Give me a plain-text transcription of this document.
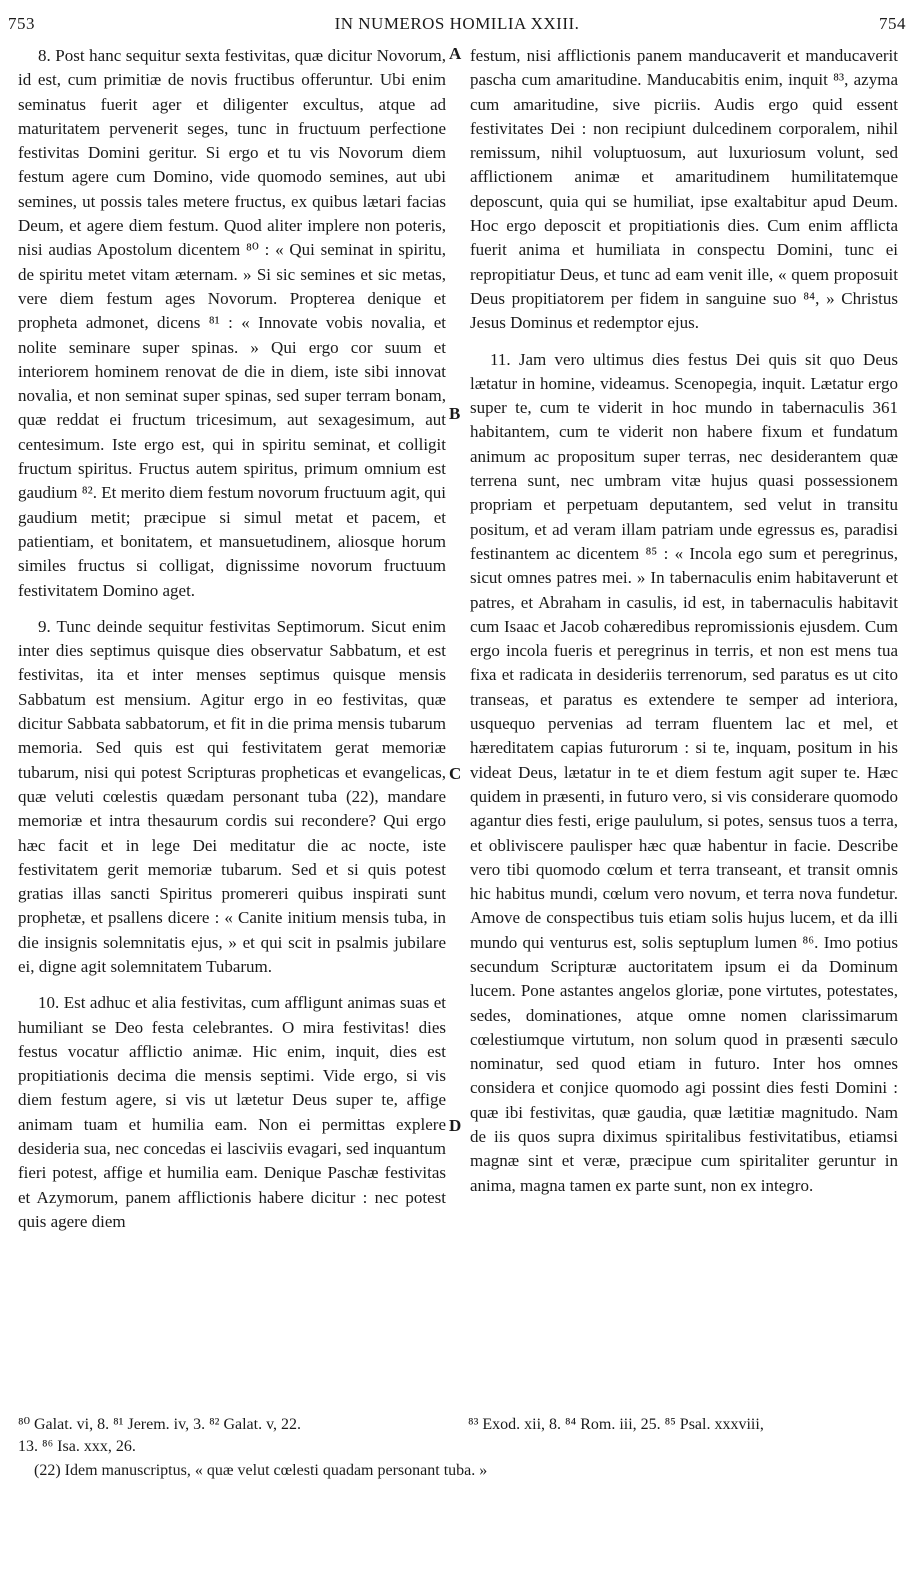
753	IN NUMEROS HOMILIA XXIII.	754

8. Post hanc sequitur sexta festivitas, quæ dicitur Novorum, id est, cum primitiæ de novis fructibus offeruntur. Ubi enim seminatus fuerit ager et diligenter excultus, atque ad maturitatem pervenerit seges, tunc in fructuum perfectione festivitas Domini geritur. Si ergo et tu vis Novorum diem festum agere cum Domino, vide quomodo semines, aut ubi semines, ut possis tales metere fructus, ex quibus lætari facias Deum, et agere diem festum. Quod aliter implere non poteris, nisi audias Apostolum dicentem ⁸⁰ : « Qui seminat in spiritu, de spiritu metet vitam æternam. » Si sic semines et sic metas, vere diem festum ages Novorum. Propterea denique et propheta admonet, dicens ⁸¹ : « Innovate vobis novalia, et nolite seminare super spinas. » Qui ergo cor suum et interiorem hominem renovat de die in diem, iste sibi innovat novalia, et non seminat super spinas, sed super terram bonam, quæ reddat ei fructum tricesimum, aut sexagesimum, aut centesimum. Iste ergo est, qui in spiritu seminat, et colligit fructum spiritus. Fructus autem spiritus, primum omnium est gaudium ⁸². Et merito diem festum novorum fructuum agit, qui gaudium metit; præcipue si simul metat et pacem, et patientiam, et bonitatem, et mansuetudinem, aliosque horum similes fructus si colligat, dignissime novorum fructuum festivitatem Domino aget.

9. Tunc deinde sequitur festivitas Septimorum. Sicut enim inter dies septimus quisque dies observatur Sabbatum, et est festivitas, ita et inter menses septimus quisque mensis Sabbatum est mensium. Agitur ergo in eo festivitas, quæ dicitur Sabbata sabbatorum, et fit in die prima mensis tubarum memoria. Sed quis est qui festivitatem gerat memoriæ tubarum, nisi qui potest Scripturas propheticas et evangelicas, quæ veluti cœlestis quædam personant tuba (22), mandare memoriæ et intra thesaurum cordis sui recondere? Qui ergo hæc facit et in lege Dei meditatur die ac nocte, iste festivitatem gerit memoriæ tubarum. Sed et si quis potest gratias illas sancti Spiritus promereri quibus inspirati sunt prophetæ, et psallens dicere : « Canite initium mensis tuba, in die insignis solemnitatis ejus, » et qui scit in psalmis jubilare ei, digne agit solemnitatem Tubarum.

10. Est adhuc et alia festivitas, cum affligunt animas suas et humiliant se Deo festa celebrantes. O mira festivitas! dies festus vocatur afflictio animæ. Hic enim, inquit, dies est propitiationis decima die mensis septimi. Vide ergo, si vis diem festum agere, si vis ut lætetur Deus super te, affige animam tuam et humilia eam. Non ei permittas explere desideria sua, nec concedas ei lasciviis evagari, sed inquantum fieri potest, affige et humilia eam. Denique Paschæ festivitas et Azymorum, panem afflictionis habere dicitur : nec potest quis agere diem

A
B
C
D

festum, nisi afflictionis panem manducaverit et manducaverit pascha cum amaritudine. Manducabitis enim, inquit ⁸³, azyma cum amaritudine, sive picriis. Audis ergo quid essent festivitates Dei : non recipiunt dulcedinem corporalem, nihil remissum, nihil voluptuosum, aut luxuriosum volunt, sed afflictionem animæ et amaritudinem humilitatemque deposcunt, quia qui se humiliat, ipse exaltabitur apud Deum. Hoc ergo deposcit et propitiationis dies. Cum enim afflicta fuerit anima et humiliata in conspectu Domini, tunc ei repropitiatur Deus, et tunc ad eam venit ille, « quem proposuit Deus propitiatorem per fidem in sanguine suo ⁸⁴, » Christus Jesus Dominus et redemptor ejus.

11. Jam vero ultimus dies festus Dei quis sit quo Deus lætatur in homine, videamus. Scenopegia, inquit. Lætatur ergo super te, cum te viderit in hoc mundo in tabernaculis 361 habitantem, cum te viderit non habere fixum et fundatum animum ac propositum super terras, nec desiderantem quæ terrena sunt, nec umbram vitæ hujus quasi possessionem propriam et perpetuam deputantem, sed velut in transitu positum, et ad veram illam patriam unde egressus es, paradisi festinantem ac dicentem ⁸⁵ : « Incola ego sum et peregrinus, sicut omnes patres mei. » In tabernaculis enim habitaverunt et patres, et Abraham in casulis, id est, in tabernaculis habitavit cum Isaac et Jacob cohæredibus repromissionis ejusdem. Cum ergo incola fueris et peregrinus in terris, et non est mens tua fixa et radicata in desideriis terrenorum, sed paratus es ut cito transeas, et paratus es extendere te semper ad interiora, usquequo pervenias ad terram fluentem lac et mel, et hæreditatem capias futurorum : si te, inquam, positum in his videat Deus, lætatur in te et diem festum agit super te. Hæc quidem in præsenti, in futuro vero, si vis considerare quomodo agantur dies festi, erige paululum, si potes, sensus tuos a terra, et obliviscere paulisper hæc quæ habentur in facie. Describe vero tibi quomodo cœlum et terra transeant, et transit omnis hic habitus mundi, cœlum vero novum, et terra nova fundetur. Amove de conspectibus tuis etiam solis hujus lucem, et da illi mundo qui venturus est, solis septuplum lumen ⁸⁶. Imo potius secundum Scripturæ auctoritatem ipsum ei da Dominum lucem. Pone astantes angelos gloriæ, pone virtutes, potestates, sedes, dominationes, atque omne nomen clarissimarum cœlestiumque virtutum, non solum quod in præsenti sæculo nominatur, sed quod etiam in futuro. Inter hos omnes considera et conjice quomodo agi possint dies festi Domini : quæ ibi festivitas, quæ gaudia, quæ lætitiæ magnitudo. Nam de iis quos supra diximus spiritalibus festivitatibus, etiamsi magnæ sint et veræ, præcipue cum spiritaliter geruntur in anima, magna tamen ex parte sunt, non ex integro.

⁸⁰ Galat. vi, 8. ⁸¹ Jerem. iv, 3. ⁸² Galat. v, 22.	⁸³ Exod. xii, 8. ⁸⁴ Rom. iii, 25. ⁸⁵ Psal. xxxviii,
13. ⁸⁶ Isa. xxx, 26.
(22) Idem manuscriptus, « quæ velut cœlesti quadam personant tuba. »
